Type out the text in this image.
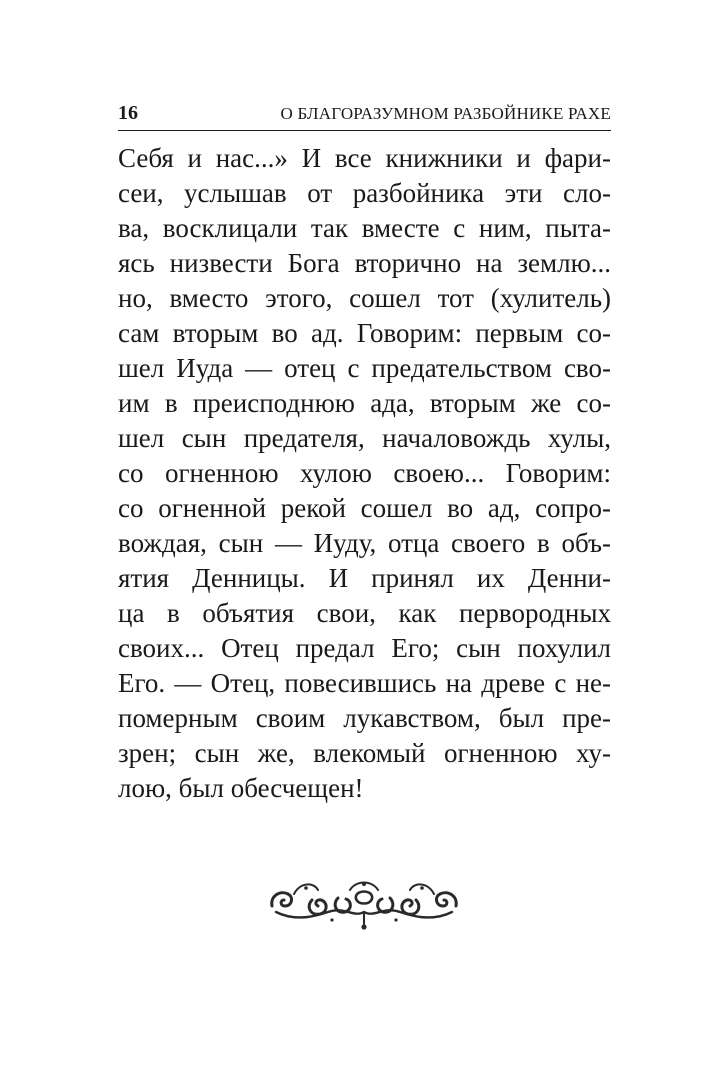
16	О БЛАГОРАЗУМНОМ РАЗБОЙНИКЕ РАХЕ
Себя и нас...» И все книжники и фари-
сеи, услышав от разбойника эти сло-
ва, восклицали так вместе с ним, пыта-
ясь низвести Бога вторично на землю...
но, вместо этого, сошел тот (хулитель)
сам вторым во ад. Говорим: первым со-
шел Иуда — отец с предательством сво-
им в преисподнюю ада, вторым же со-
шел сын предателя, началовождь хулы,
со огненною хулою своею... Говорим:
со огненной рекой сошел во ад, сопро-
вождая, сын — Иуду, отца своего в объ-
ятия Денницы. И принял их Денни-
ца в объятия свои, как первородных
своих... Отец предал Его; сын похулил
Его. — Отец, повесившись на древе с не-
померным своим лукавством, был пре-
зрен; сын же, влекомый огненною ху-
лою, был обесчещен!
